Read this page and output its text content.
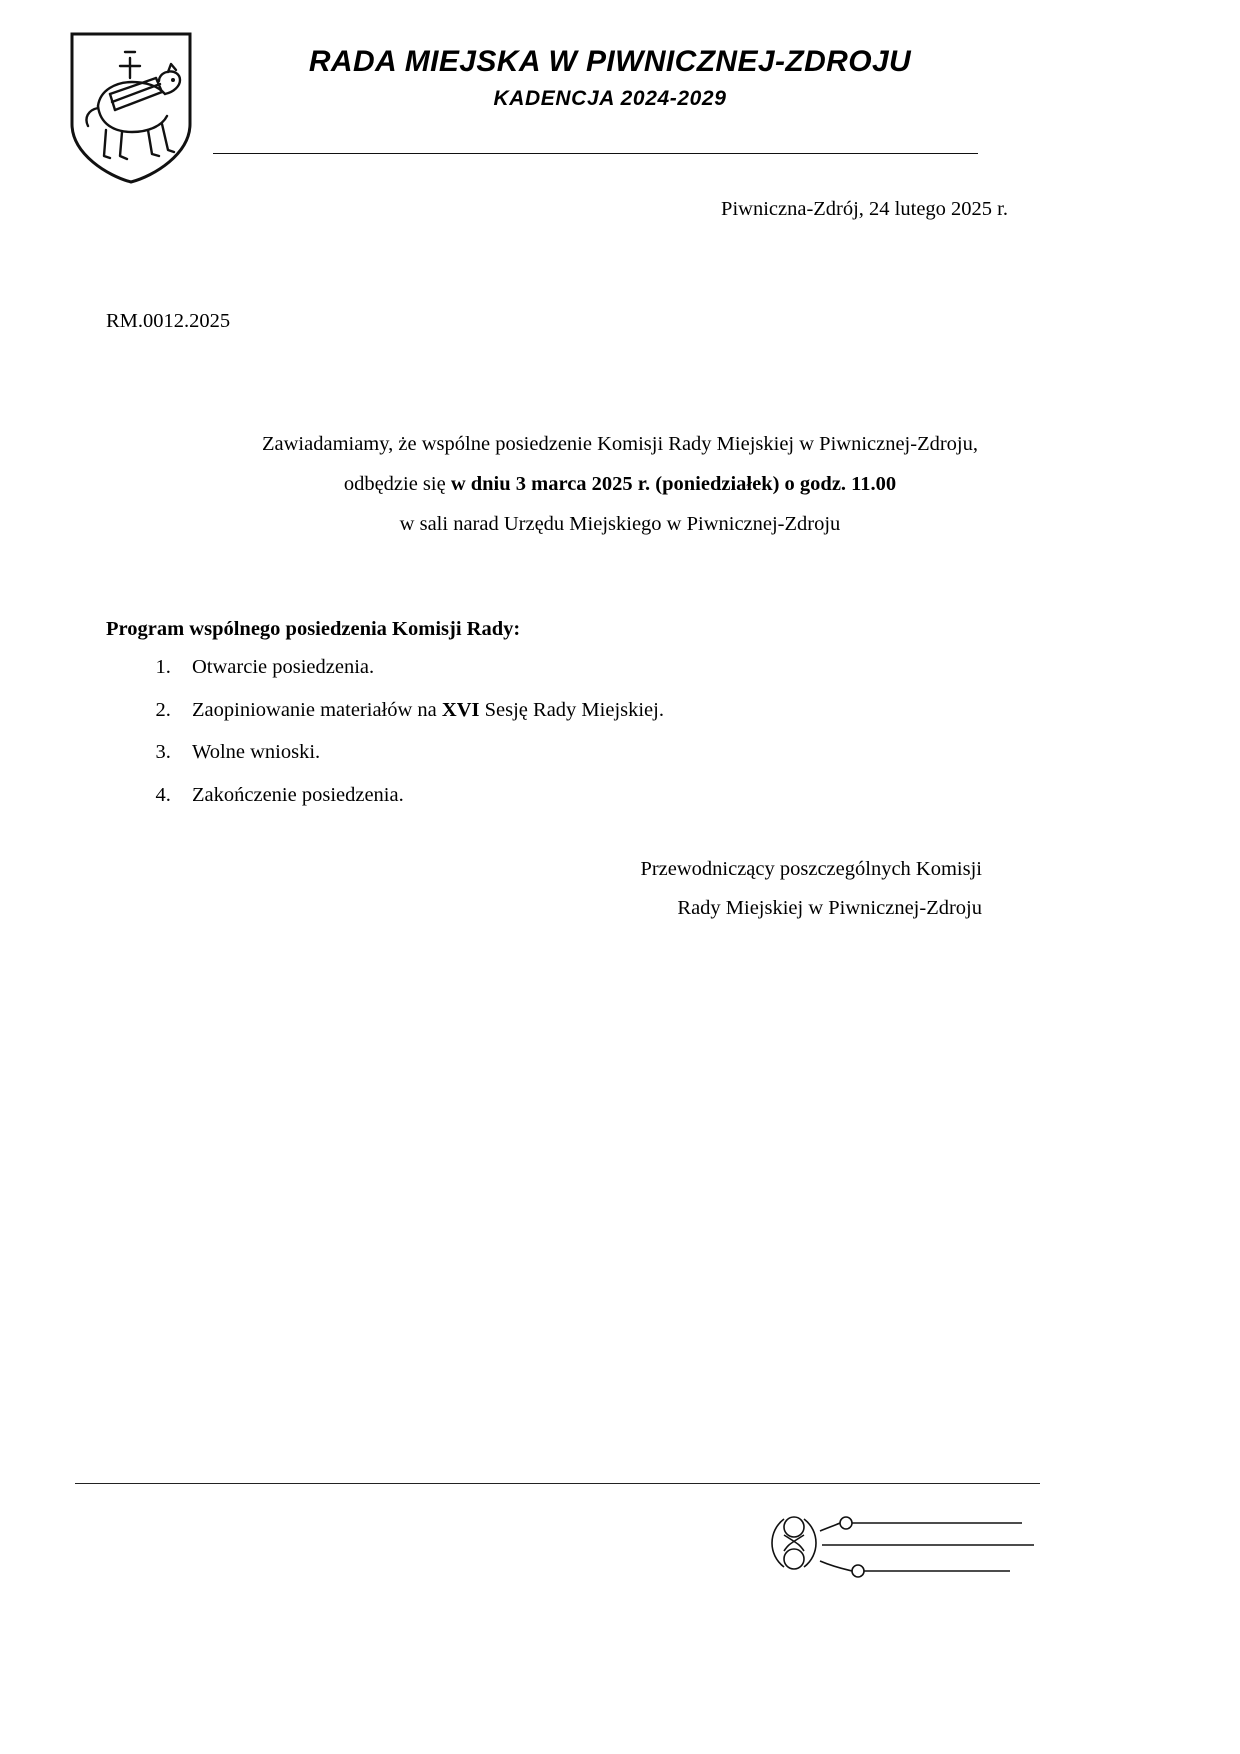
RADA MIEJSKA W PIWNICZNEJ-ZDROJU
KADENCJA 2024-2029
Piwniczna-Zdrój, 24 lutego 2025 r.
RM.0012.2025
Zawiadamiamy, że wspólne posiedzenie Komisji Rady Miejskiej w Piwnicznej-Zdroju,
odbędzie się w dniu 3 marca 2025 r. (poniedziałek) o godz. 11.00
w sali narad Urzędu Miejskiego w Piwnicznej-Zdroju
Program wspólnego posiedzenia Komisji Rady:
1. Otwarcie posiedzenia.
2. Zaopiniowanie materiałów na XVI Sesję Rady Miejskiej.
3. Wolne wnioski.
4. Zakończenie posiedzenia.
Przewodniczący poszczególnych Komisji
Rady Miejskiej w Piwnicznej-Zdroju
